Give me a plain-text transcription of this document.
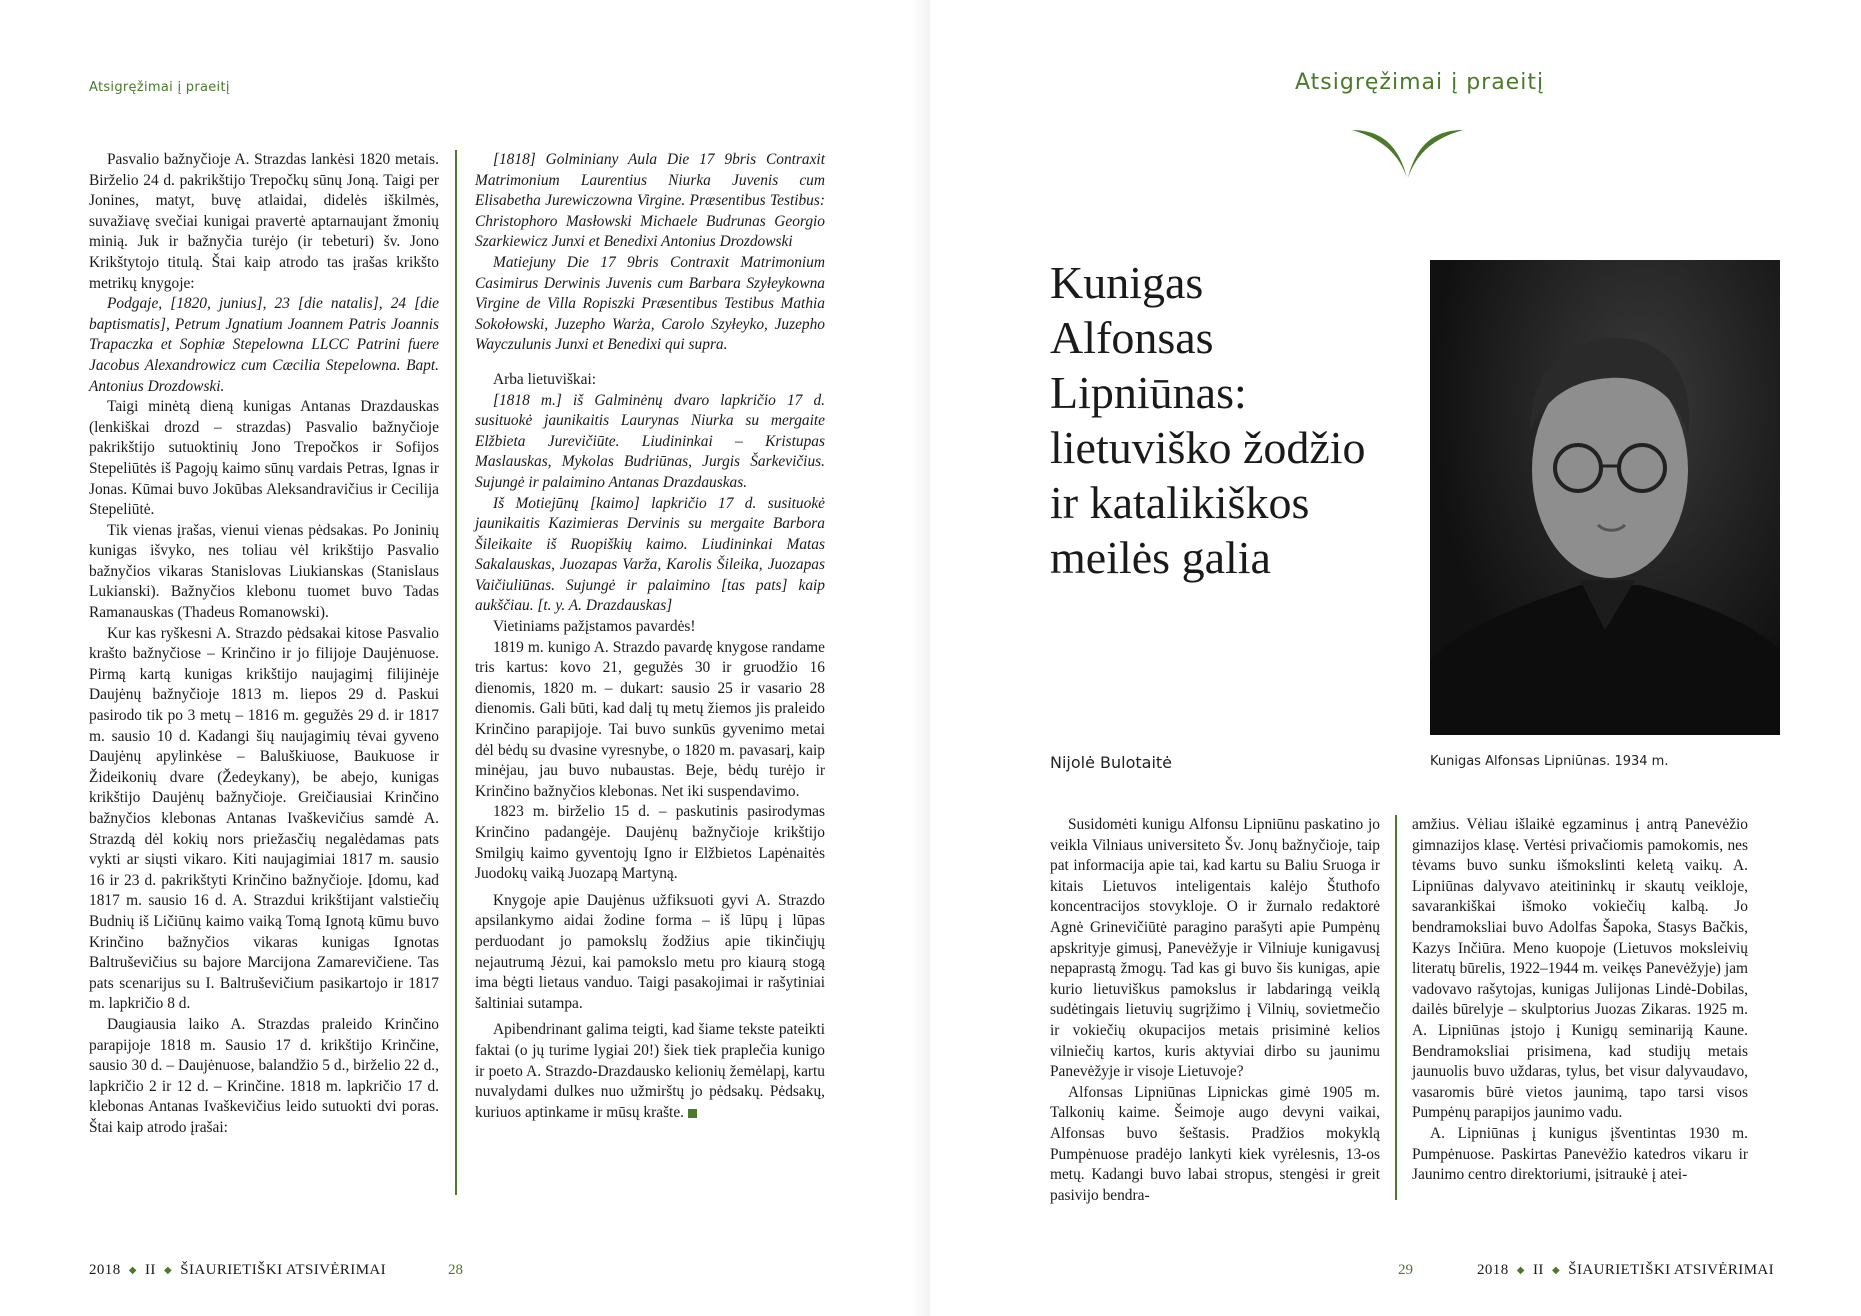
Atsigręžimai į praeitį

Pasvalio bažnyčioje A. Strazdas lankėsi 1820 metais. Birželio 24 d. pakrikštijo Trepočkų sūnų Joną. Taigi per Jonines, matyt, buvę atlaidai, didelės iškilmės, suvažiavę svečiai kunigai pravertė aptarnaujant žmonių minią. Juk ir bažnyčia turėjo (ir tebeturi) šv. Jono Krikštytojo titulą. Štai kaip atrodo tas įrašas krikšto metrikų knygoje:

Podgaje, [1820, junius], 23 [die natalis], 24 [die baptismatis], Petrum Jgnatium Joannem Patris Joannis Trapaczka et Sophiæ Stepelowna LLCC Patrini fuere Jacobus Alexandrowicz cum Cæcilia Stepelowna. Bapt. Antonius Drozdowski.

Taigi minėtą dieną kunigas Antanas Drazdauskas (lenkiškai drozd – strazdas) Pasvalio bažnyčioje pakrikštijo sutuoktinių Jono Trepočkos ir Sofijos Stepeliūtės iš Pagojų kaimo sūnų vardais Petras, Ignas ir Jonas. Kūmai buvo Jokūbas Aleksandravičius ir Cecilija Stepeliūtė.

Tik vienas įrašas, vienui vienas pėdsakas. Po Joninių kunigas išvyko, nes toliau vėl krikštijo Pasvalio bažnyčios vikaras Stanislovas Liukianskas (Stanislaus Lukianski). Bažnyčios klebonu tuomet buvo Tadas Ramanauskas (Thadeus Romanowski).

Kur kas ryškesni A. Strazdo pėdsakai kitose Pasvalio krašto bažnyčiose – Krinčino ir jo filijoje Daujėnuose. Pirmą kartą kunigas krikštijo naujagimį filijinėje Daujėnų bažnyčioje 1813 m. liepos 29 d. Paskui pasirodo tik po 3 metų – 1816 m. gegužės 29 d. ir 1817 m. sausio 10 d. Kadangi šių naujagimių tėvai gyveno Daujėnų apylinkėse – Baluškiuose, Baukuose ir Žideikonių dvare (Žedeykany), be abejo, kunigas krikštijo Daujėnų bažnyčioje. Greičiausiai Krinčino bažnyčios klebonas Antanas Ivaškevičius samdė A. Strazdą dėl kokių nors priežasčių negalėdamas pats vykti ar siųsti vikaro. Kiti naujagimiai 1817 m. sausio 16 ir 23 d. pakrikštyti Krinčino bažnyčioje. Įdomu, kad 1817 m. sausio 16 d. A. Strazdui krikštijant valstiečių Budnių iš Ličiūnų kaimo vaiką Tomą Ignotą kūmu buvo Krinčino bažnyčios vikaras kunigas Ignotas Baltruševičius su bajore Marcijona Zamarevičiene. Tas pats scenarijus su I. Baltruševičium pasikartojo ir 1817 m. lapkričio 8 d.

Daugiausia laiko A. Strazdas praleido Krinčino parapijoje 1818 m. Sausio 17 d. krikštijo Krinčine, sausio 30 d. – Daujėnuose, balandžio 5 d., birželio 22 d., lapkričio 2 ir 12 d. – Krinčine. 1818 m. lapkričio 17 d. klebonas Antanas Ivaškevičius leido sutuokti dvi poras. Štai kaip atrodo įrašai:

[1818] Golminiany Aula Die 17 9bris Contraxit Matrimonium Laurentius Niurka Juvenis cum Elisabetha Jurewiczowna Virgine. Præsentibus Testibus: Christophoro Masłowski Michaele Budrunas Georgio Szarkiewicz Junxi et Benedixi Antonius Drozdowski

Matiejuny Die 17 9bris Contraxit Matrimonium Casimirus Derwinis Juvenis cum Barbara Szyłeykowna Virgine de Villa Ropiszki Præsentibus Testibus Mathia Sokołowski, Juzepho Warża, Carolo Szyłeyko, Juzepho Wayczulunis Junxi et Benedixi qui supra.

Arba lietuviškai:

[1818 m.] iš Galminėnų dvaro lapkričio 17 d. susituokė jaunikaitis Laurynas Niurka su mergaite Elžbieta Jurevičiūte. Liudininkai – Kristupas Maslauskas, Mykolas Budriūnas, Jurgis Šarkevičius. Sujungė ir palaimino Antanas Drazdauskas.

Iš Motiejūnų [kaimo] lapkričio 17 d. susituokė jaunikaitis Kazimieras Dervinis su mergaite Barbora Šileikaite iš Ruopiškių kaimo. Liudininkai Matas Sakalauskas, Juozapas Varža, Karolis Šileika, Juozapas Vaičiuliūnas. Sujungė ir palaimino [tas pats] kaip aukščiau. [t. y. A. Drazdauskas]

Vietiniams pažįstamos pavardės!

1819 m. kunigo A. Strazdo pavardę knygose randame tris kartus: kovo 21, gegužės 30 ir gruodžio 16 dienomis, 1820 m. – dukart: sausio 25 ir vasario 28 dienomis. Gali būti, kad dalį tų metų žiemos jis praleido Krinčino parapijoje. Tai buvo sunkūs gyvenimo metai dėl bėdų su dvasine vyresnybe, o 1820 m. pavasarį, kaip minėjau, jau buvo nubaustas. Beje, bėdų turėjo ir Krinčino bažnyčios klebonas. Net iki suspendavimo.

1823 m. birželio 15 d. – paskutinis pasirodymas Krinčino padangėje. Daujėnų bažnyčioje krikštijo Smilgių kaimo gyventojų Igno ir Elžbietos Lapėnaitės Juodokų vaiką Juozapą Martyną.

Knygoje apie Daujėnus užfiksuoti gyvi A. Strazdo apsilankymo aidai žodine forma – iš lūpų į lūpas perduodant jo pamokslų žodžius apie tikinčiųjų nejautrumą Jėzui, kai pamokslo metu pro kiaurą stogą ima bėgti lietaus vanduo. Taigi pasakojimai ir rašytiniai šaltiniai sutampa.

Apibendrinant galima teigti, kad šiame tekste pateikti faktai (o jų turime lygiai 20!) šiek tiek praplečia kunigo ir poeto A. Strazdo-Drazdausko kelionių žemėlapį, kartu nuvalydami dulkes nuo užmirštų jo pėdsakų. Pėdsakų, kuriuos aptinkame ir mūsų krašte.

2018 ◆ II ◆ ŠIAURIETIŠKI ATSIVĖRIMAI	28
Atsigręžimai į praeitį
Kunigas
Alfonsas
Lipniūnas:
lietuviško žodžio
ir katalikiškos
meilės galia
Nijolė Bulotaitė	Kunigas Alfonsas Lipniūnas. 1934 m.

Susidomėti kunigu Alfonsu Lipniūnu paskatino jo veikla Vilniaus universiteto Šv. Jonų bažnyčioje, taip pat informacija apie tai, kad kartu su Baliu Sruoga ir kitais Lietuvos inteligentais kalėjo Štuthofo koncentracijos stovykloje. O ir žurnalo redaktorė Agnė Grinevičiūtė paragino parašyti apie Pumpėnų apskrityje gimusį, Panevėžyje ir Vilniuje kunigavusį nepaprastą žmogų. Tad kas gi buvo šis kunigas, apie kurio lietuviškus pamokslus ir labdaringą veiklą sudėtingais lietuvių sugrįžimo į Vilnių, sovietmečio ir vokiečių okupacijos metais prisiminė kelios vilniečių kartos, kuris aktyviai dirbo su jaunimu Panevėžyje ir visoje Lietuvoje?

Alfonsas Lipniūnas Lipnickas gimė 1905 m. Talkonių kaime. Šeimoje augo devyni vaikai, Alfonsas buvo šeštasis. Pradžios mokyklą Pumpėnuose pradėjo lankyti kiek vyrėlesnis, 13-os metų. Kadangi buvo labai stropus, stengėsi ir greit pasivijo bendra-

amžius. Vėliau išlaikė egzaminus į antrą Panevėžio gimnazijos klasę. Vertėsi privačiomis pamokomis, nes tėvams buvo sunku išmokslinti keletą vaikų. A. Lipniūnas dalyvavo ateitininkų ir skautų veikloje, savarankiškai išmoko vokiečių kalbą. Jo bendramoksliai buvo Adolfas Šapoka, Stasys Bačkis, Kazys Inčiūra. Meno kuopoje (Lietuvos moksleivių literatų būrelis, 1922–1944 m. veikęs Panevėžyje) jam vadovavo rašytojas, kunigas Julijonas Lindė-Dobilas, dailės būrelyje – skulptorius Juozas Zikaras. 1925 m. A. Lipniūnas įstojo į Kunigų seminariją Kaune. Bendramoksliai prisimena, kad studijų metais jaunuolis buvo uždaras, tylus, bet visur dalyvaudavo, vasaromis būrė vietos jaunimą, tapo tarsi visos Pumpėnų parapijos jaunimo vadu.

A. Lipniūnas į kunigus įšventintas 1930 m. Pumpėnuose. Paskirtas Panevėžio katedros vikaru ir Jaunimo centro direktoriumi, įsitraukė į atei-

29	2018 ◆ II ◆ ŠIAURIETIŠKI ATSIVĖRIMAI
